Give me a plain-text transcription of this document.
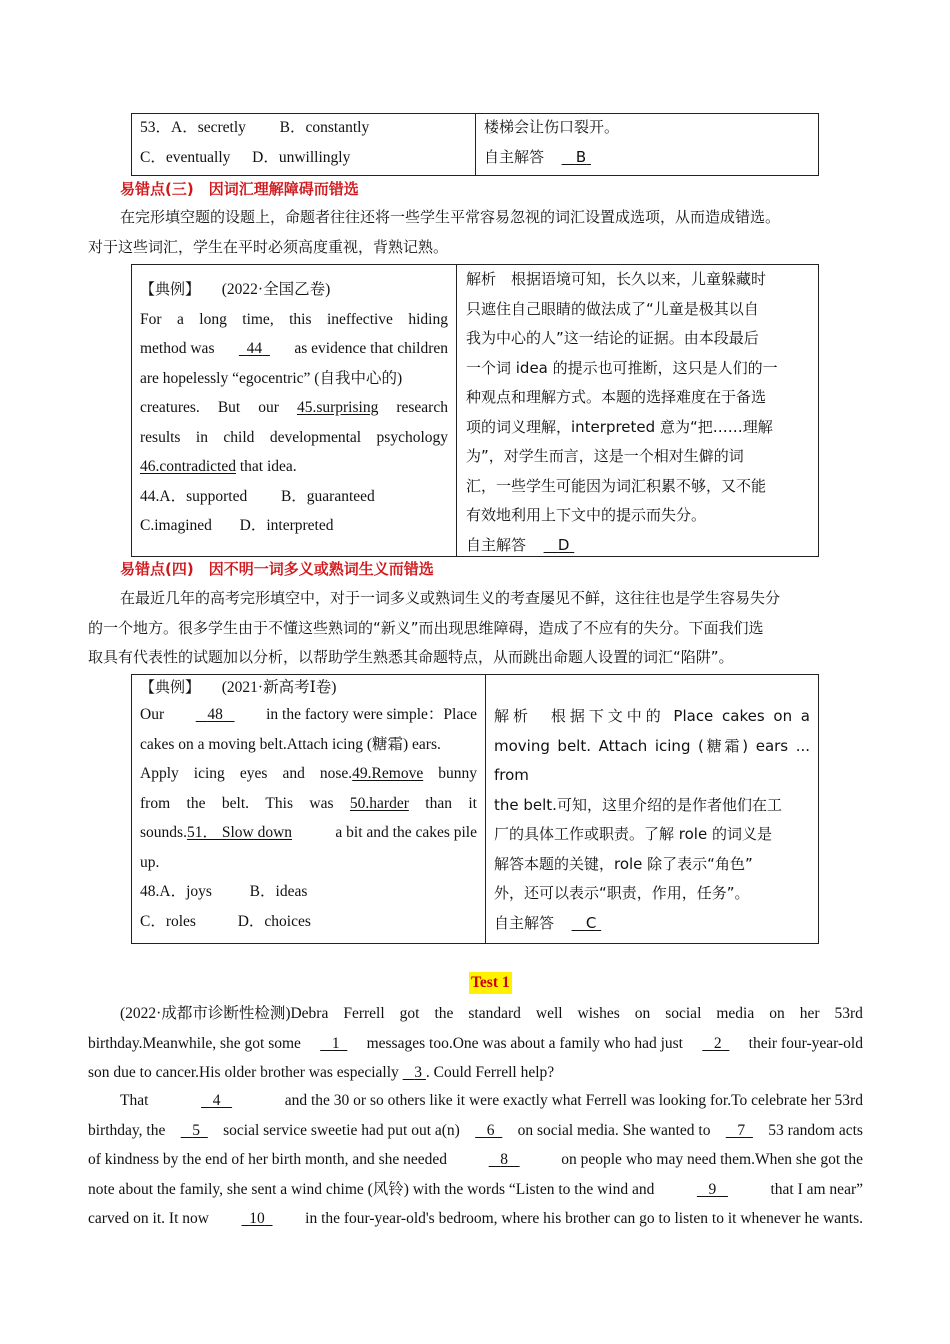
53．A．secretly B．constantly
C．eventually D．unwillingly
楼梯会让伤口裂开。
自主解答 B
易错点(三)　因词汇理解障碍而错选
在完形填空题的设题上，命题者往往还将一些学生平常容易忽视的词汇设置成选项，从而造成错选。
对于这些词汇，学生在平时必须高度重视，背熟记熟。
【典例】 (2022·全国乙卷)
For a long time, this ineffective hiding
method was	44	as evidence that children
are hopelessly “egocentric” (自我中心的)
creatures. But our 45.surprising research
results in child developmental psychology
46.contradicted that idea.
44.A．supported B．guaranteed
C.imagined D．interpreted
解析　根据语境可知，长久以来，儿童躲藏时
只遮住自己眼睛的做法成了“儿童是极其以自
我为中心的人”这一结论的证据。由本段最后
一个词 idea 的提示也可推断，这只是人们的一
种观点和理解方式。本题的选择难度在于备选
项的词义理解，interpreted 意为“把……理解
为”，对学生而言，这是一个相对生僻的词
汇，一些学生可能因为词汇积累不够，又不能
有效地利用上下文中的提示而失分。
自主解答 D
易错点(四)　因不明一词多义或熟词生义而错选
在最近几年的高考完形填空中，对于一词多义或熟词生义的考查屡见不鲜，这往往也是学生容易失分
的一个地方。很多学生由于不懂这些熟词的“新义”而出现思维障碍，造成了不应有的失分。下面我们选
取具有代表性的试题加以分析，以帮助学生熟悉其命题特点，从而跳出命题人设置的词汇“陷阱”。
【典例】 (2021·新高考Ⅰ卷)
Our	48	in the factory were simple：Place
cakes on a moving belt.Attach icing (糖霜) ears.
Apply icing eyes and nose.49.Remove bunny
from the belt. This was 50.harder than it
sounds.51． Slow down	a bit and the cakes pile
up.
48.A．joys B．ideas
C．roles	D．choices
解析　根据下文中的 Place cakes on a
moving belt. Attach icing (糖霜) ears ... from
the belt.可知，这里介绍的是作者他们在工
厂的具体工作或职责。了解 role 的词义是
解答本题的关键，role 除了表示“角色”
外，还可以表示“职责，作用，任务”。
自主解答 C
Test 1
(2022·成都市诊断性检测)Debra Ferrell got the standard well wishes on social media on her 53rd
birthday.Meanwhile, she got some	1	messages too.One was about a family who had just	2	their four-year-old
son due to cancer.His older brother was especially 3 . Could Ferrell help?
That	4	and the 30 or so others like it were exactly what Ferrell was looking for.To celebrate her 53rd
birthday, the	5	social service sweetie had put out a(n)	6	on social media. She wanted to	7	53 random acts
of kindness by the end of her birth month, and she needed	8	on people who may need them.When she got the
note about the family, she sent a wind chime (风铃) with the words “Listen to the wind and	9	that I am near”
carved on it. It now	10	in the four-year-old's bedroom, where his brother can go to listen to it whenever he wants.
